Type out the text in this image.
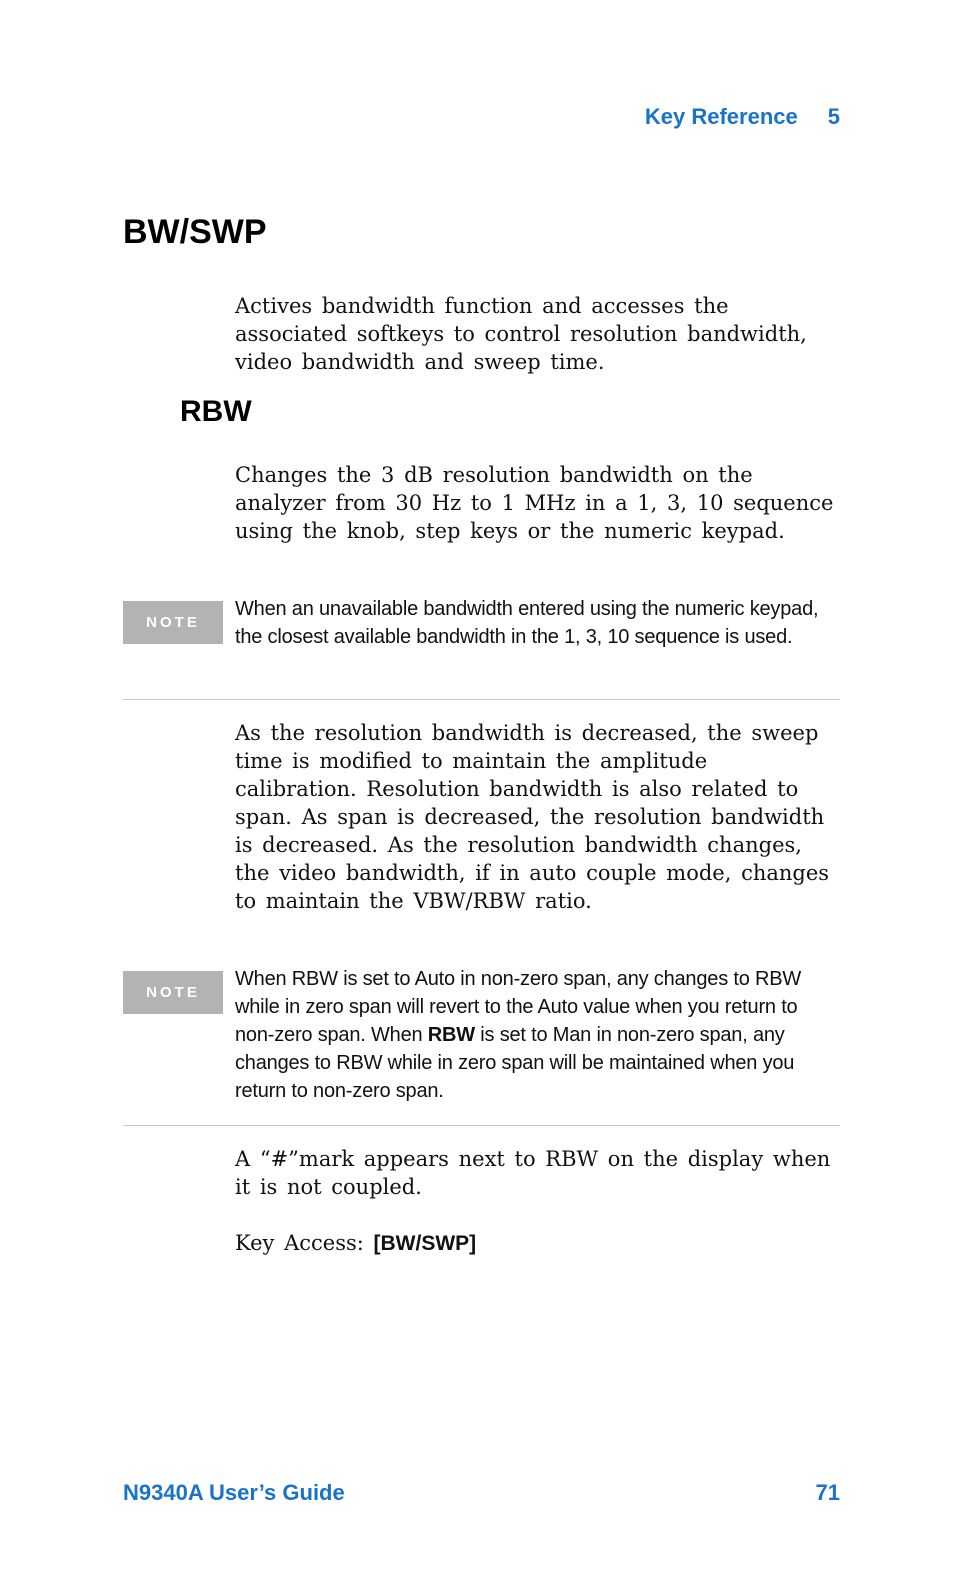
Key Reference 5
BW/SWP

Actives bandwidth function and accesses the associated softkeys to control resolution bandwidth, video bandwidth and sweep time.

RBW

Changes the 3 dB resolution bandwidth on the analyzer from 30 Hz to 1 MHz in a 1, 3, 10 sequence using the knob, step keys or the numeric keypad.

NOTE

When an unavailable bandwidth entered using the numeric keypad, the closest available bandwidth in the 1, 3, 10 sequence is used.

As the resolution bandwidth is decreased, the sweep time is modified to maintain the amplitude calibration. Resolution bandwidth is also related to span. As span is decreased, the resolution bandwidth is decreased. As the resolution bandwidth changes, the video bandwidth, if in auto couple mode, changes to maintain the VBW/RBW ratio.

NOTE

When RBW is set to Auto in non-zero span, any changes to RBW while in zero span will revert to the Auto value when you return to non-zero span. When RBW is set to Man in non-zero span, any changes to RBW while in zero span will be maintained when you return to non-zero span.

A “#”mark appears next to RBW on the display when it is not coupled.

Key Access: [BW/SWP]

N9340A User’s Guide	71
